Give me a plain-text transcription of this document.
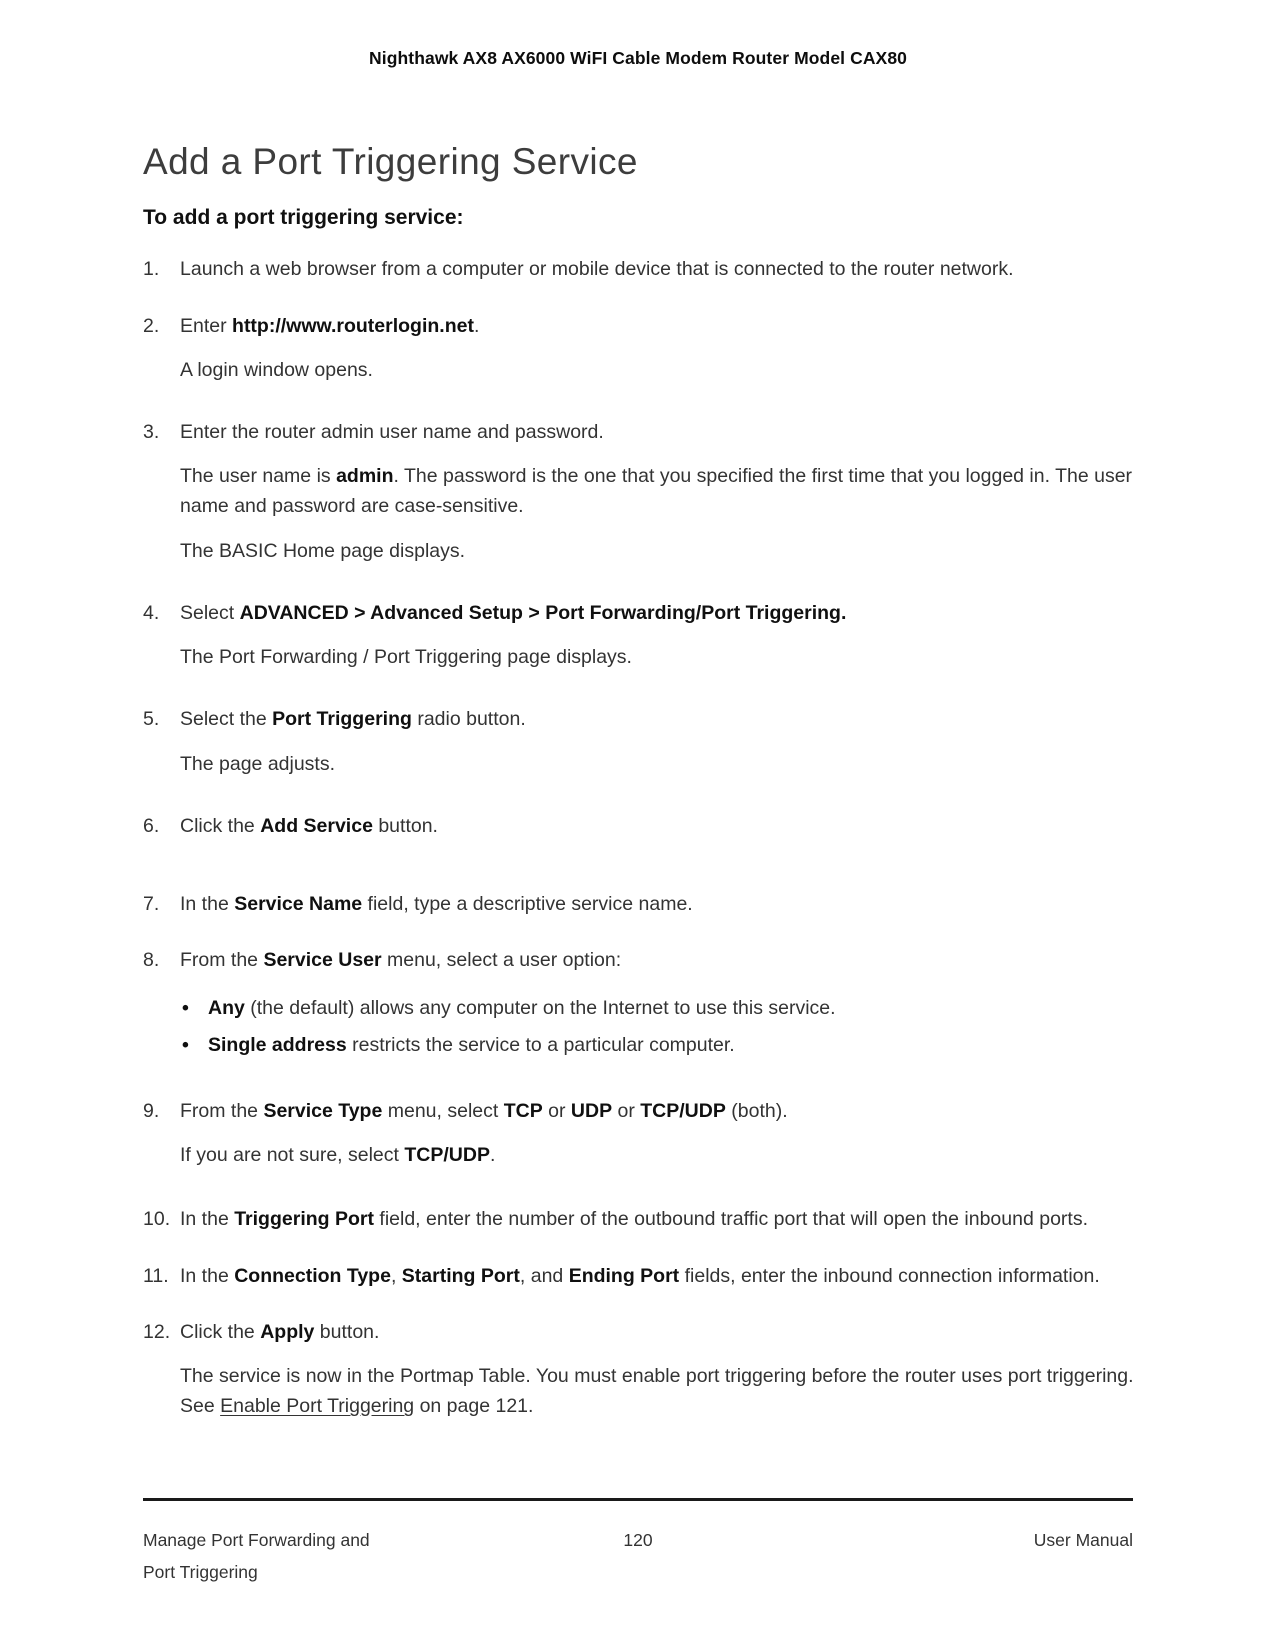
Nighthawk AX8 AX6000 WiFI Cable Modem Router Model CAX80
Add a Port Triggering Service

To add a port triggering service:

1.	Launch a web browser from a computer or mobile device that is connected to the router network.

2.	Enter http://www.routerlogin.net.

A login window opens.

3.	Enter the router admin user name and password.

The user name is admin. The password is the one that you specified the first time that you logged in. The user name and password are case-sensitive.

The BASIC Home page displays.

4.	Select ADVANCED > Advanced Setup > Port Forwarding/Port Triggering.

The Port Forwarding / Port Triggering page displays.

5.	Select the Port Triggering radio button.

The page adjusts.

6.	Click the Add Service button.

7.	In the Service Name field, type a descriptive service name.

8.	From the Service User menu, select a user option:

• Any (the default) allows any computer on the Internet to use this service.
• Single address restricts the service to a particular computer.
9.	From the Service Type menu, select TCP or UDP or TCP/UDP (both).

If you are not sure, select TCP/UDP.

10. In the Triggering Port field, enter the number of the outbound traffic port that will open the inbound ports.

11. In the Connection Type, Starting Port, and Ending Port fields, enter the inbound connection information.

12. Click the Apply button.

The service is now in the Portmap Table. You must enable port triggering before the router uses port triggering. See Enable Port Triggering on page 121.

Manage Port Forwarding and
Port Triggering
120	User Manual
